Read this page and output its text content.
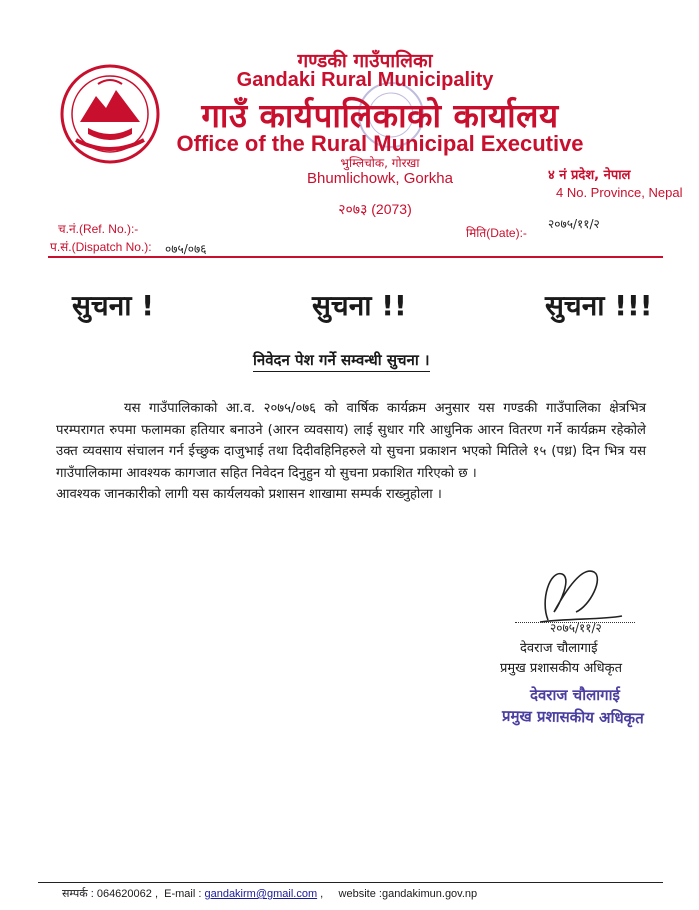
गण्डकी गाउँपालिका
Gandaki Rural Municipality
गाउँ कार्यपालिकाको कार्यालय
Office of the Rural Municipal Executive
भुम्लिचोक, गोरखा
Bhumlichowk, Gorkha
२०७३ (2073)
४ नं प्रदेश, नेपाल
4 No. Province, Nepal
च.नं.(Ref. No.):-
प.सं.(Dispatch No.): ०७५/०७६
मिति(Date):-
२०७५/११/२
सुचना !	सुचना !!	सुचना !!!
निवेदन पेश गर्ने सम्वन्धी सुचना ।

यस गाउँपालिकाको आ.व. २०७५/०७६ को वार्षिक कार्यक्रम अनुसार यस गण्डकी गाउँपालिका क्षेत्रभित्र परम्परागत रुपमा फलामका हतियार बनाउने (आरन व्यवसाय) लाई सुधार गरि आधुनिक आरन वितरण गर्ने कार्यक्रम रहेकोले उक्त व्यवसाय संचालन गर्न ईच्छुक दाजुभाई तथा दिदीवहिनिहरुले यो सुचना प्रकाशन भएको मितिले १५ (पध्र) दिन भित्र यस गाउँपालिकामा आवश्यक कागजात सहित निवेदन दिनुहुन यो सुचना प्रकाशित गरिएको छ ।

आवश्यक जानकारीको लागी यस कार्यलयको प्रशासन शाखामा सम्पर्क राख्नुहोला ।

२०७५/११/२
देवराज चौलागाई
प्रमुख प्रशासकीय अधिकृत
देवराज चौलागाई
प्रमुख प्रशासकीय अधिकृत
सम्पर्क : 064620062 ,  E-mail : gandakirm@gmail.com ,     website :gandakimun.gov.np
